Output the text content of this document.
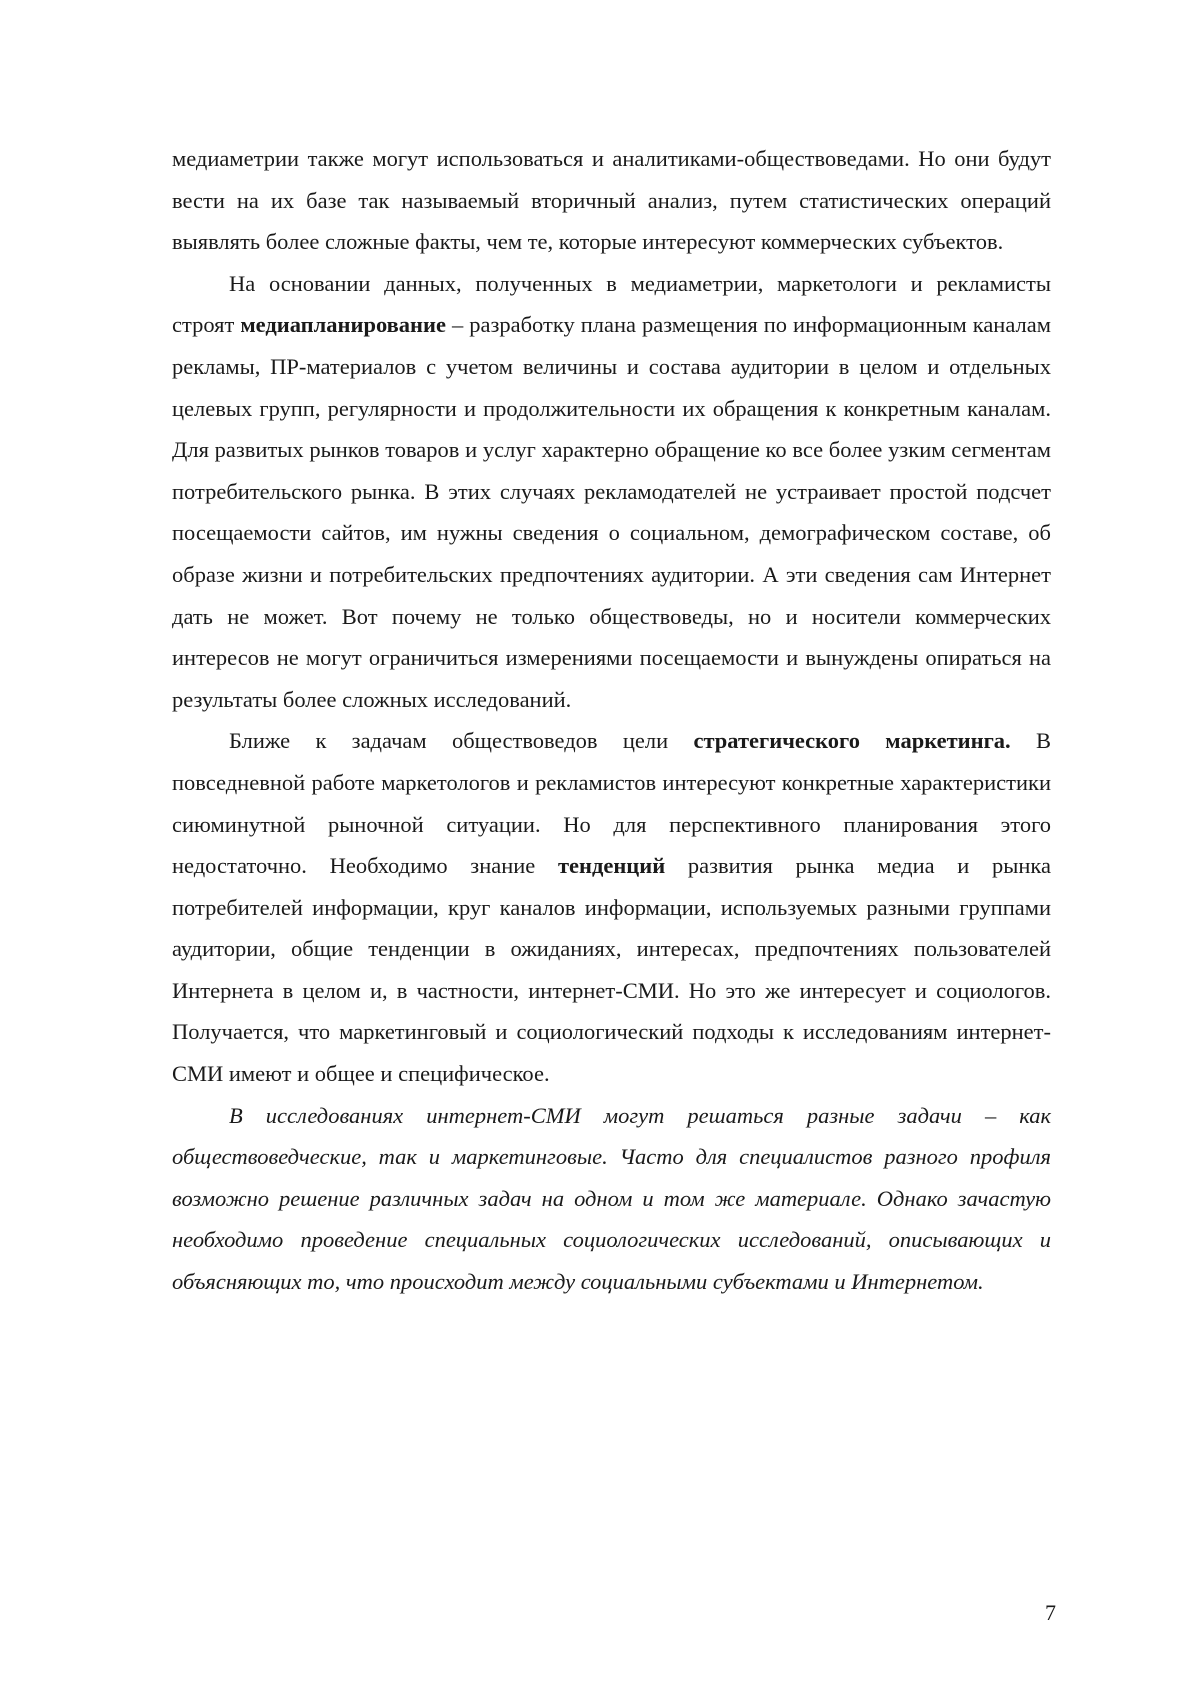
медиаметрии также могут использоваться и аналитиками-обществоведами. Но они будут вести на их базе так называемый вторичный анализ, путем статистических операций выявлять более сложные факты, чем те, которые интересуют коммерческих субъектов.

На основании данных, полученных в медиаметрии, маркетологи и рекламисты строят медиапланирование – разработку плана размещения по информационным каналам рекламы, ПР-материалов с учетом величины и состава аудитории в целом и отдельных целевых групп, регулярности и продолжительности их обращения к конкретным каналам. Для развитых рынков товаров и услуг характерно обращение ко все более узким сегментам потребительского рынка. В этих случаях рекламодателей не устраивает простой подсчет посещаемости сайтов, им нужны сведения о социальном, демографическом составе, об образе жизни и потребительских предпочтениях аудитории. А эти сведения сам Интернет дать не может. Вот почему не только обществоведы, но и носители коммерческих интересов не могут ограничиться измерениями посещаемости и вынуждены опираться на результаты более сложных исследований.

Ближе к задачам обществоведов цели стратегического маркетинга. В повседневной работе маркетологов и рекламистов интересуют конкретные характеристики сиюминутной рыночной ситуации. Но для перспективного планирования этого недостаточно. Необходимо знание тенденций развития рынка медиа и рынка потребителей информации, круг каналов информации, используемых разными группами аудитории, общие тенденции в ожиданиях, интересах, предпочтениях пользователей Интернета в целом и, в частности, интернет-СМИ. Но это же интересует и социологов. Получается, что маркетинговый и социологический подходы к исследованиям интернет-СМИ имеют и общее и специфическое.

В исследованиях интернет-СМИ могут решаться разные задачи – как обществоведческие, так и маркетинговые. Часто для специалистов разного профиля возможно решение различных задач на одном и том же материале. Однако зачастую необходимо проведение специальных социологических исследований, описывающих и объясняющих то, что происходит между социальными субъектами и Интернетом.

7
